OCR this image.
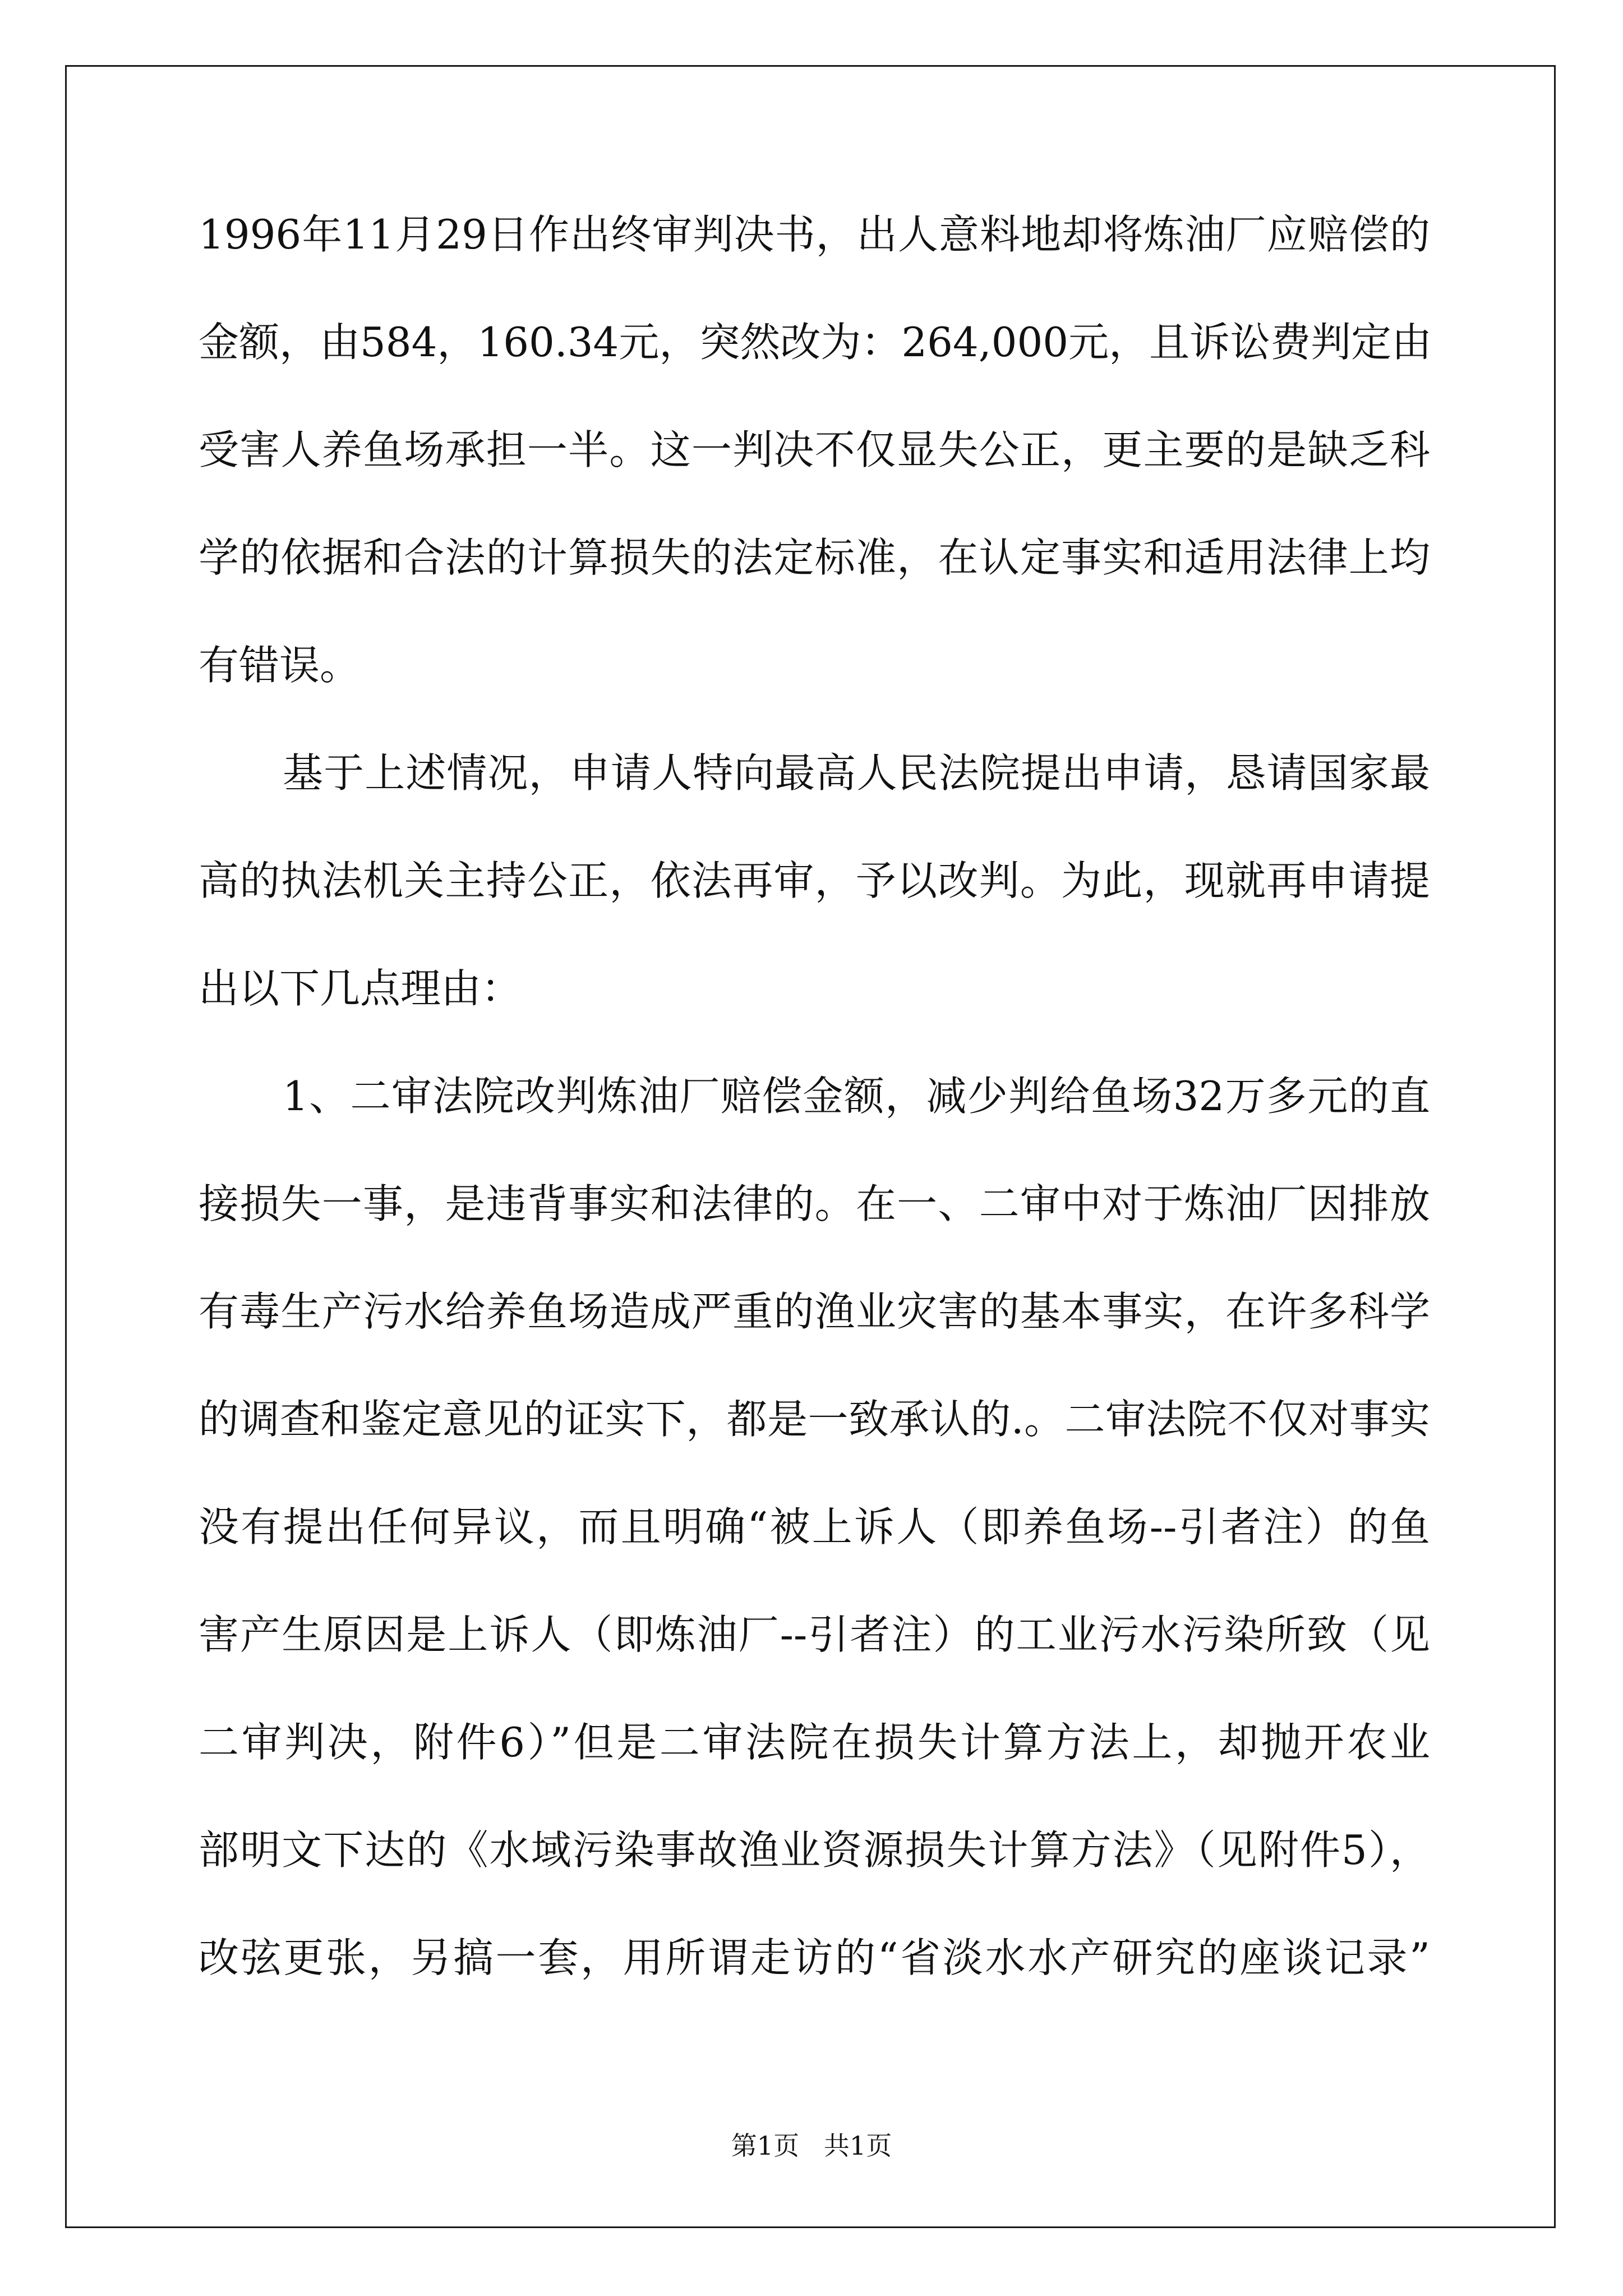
1996年11月29日作出终审判决书，出人意料地却将炼油厂应赔偿的
金额，由584，160.34元，突然改为：264,000元，且诉讼费判定由
受害人养鱼场承担一半。这一判决不仅显失公正，更主要的是缺乏科
学的依据和合法的计算损失的法定标准，在认定事实和适用法律上均
有错误。
基于上述情况，申请人特向最高人民法院提出申请，恳请国家最
高的执法机关主持公正，依法再审，予以改判。为此，现就再申请提
出以下几点理由：
1、二审法院改判炼油厂赔偿金额，减少判给鱼场32万多元的直
接损失一事，是违背事实和法律的。在一、二审中对于炼油厂因排放
有毒生产污水给养鱼场造成严重的渔业灾害的基本事实，在许多科学
的调查和鉴定意见的证实下，都是一致承认的.。二审法院不仅对事实
没有提出任何异议，而且明确“被上诉人（即养鱼场--引者注）的鱼
害产生原因是上诉人（即炼油厂--引者注）的工业污水污染所致（见
二审判决，附件6）”但是二审法院在损失计算方法上，却抛开农业
部明文下达的《水域污染事故渔业资源损失计算方法》（见附件5），
改弦更张，另搞一套，用所谓走访的“省淡水水产研究的座谈记录”
第1页   共1页
